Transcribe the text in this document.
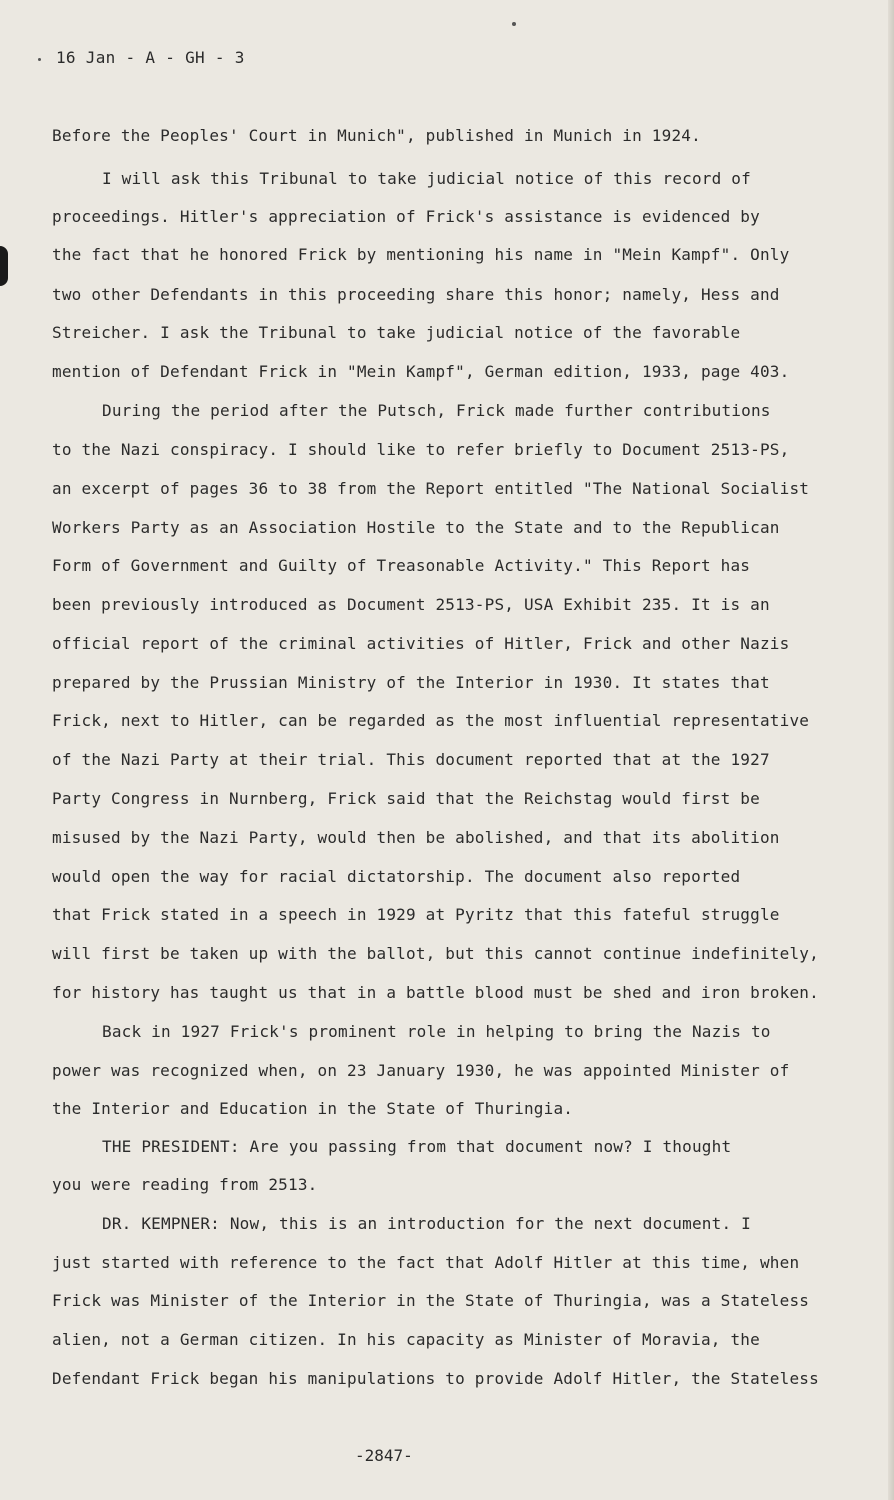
16 Jan - A - GH - 3
Before the Peoples' Court in Munich", published in Munich in 1924.
I will ask this Tribunal to take judicial notice of this record of
proceedings. Hitler's appreciation of Frick's assistance is evidenced by
the fact that he honored Frick by mentioning his name in "Mein Kampf". Only
two other Defendants in this proceeding share this honor; namely, Hess and
Streicher. I ask the Tribunal to take judicial notice of the favorable
mention of Defendant Frick in "Mein Kampf", German edition, 1933, page 403.
During the period after the Putsch, Frick made further contributions
to the Nazi conspiracy. I should like to refer briefly to Document 2513-PS,
an excerpt of pages 36 to 38 from the Report entitled "The National Socialist
Workers Party as an Association Hostile to the State and to the Republican
Form of Government and Guilty of Treasonable Activity." This Report has
been previously introduced as Document 2513-PS, USA Exhibit 235. It is an
official report of the criminal activities of Hitler, Frick and other Nazis
prepared by the Prussian Ministry of the Interior in 1930. It states that
Frick, next to Hitler, can be regarded as the most influential representative
of the Nazi Party at their trial. This document reported that at the 1927
Party Congress in Nurnberg, Frick said that the Reichstag would first be
misused by the Nazi Party, would then be abolished, and that its abolition
would open the way for racial dictatorship. The document also reported
that Frick stated in a speech in 1929 at Pyritz that this fateful struggle
will first be taken up with the ballot, but this cannot continue indefinitely,
for history has taught us that in a battle blood must be shed and iron broken.
Back in 1927 Frick's prominent role in helping to bring the Nazis to
power was recognized when, on 23 January 1930, he was appointed Minister of
the Interior and Education in the State of Thuringia.
THE PRESIDENT: Are you passing from that document now? I thought
you were reading from 2513.
DR. KEMPNER: Now, this is an introduction for the next document. I
just started with reference to the fact that Adolf Hitler at this time, when
Frick was Minister of the Interior in the State of Thuringia, was a Stateless
alien, not a German citizen. In his capacity as Minister of Moravia, the
Defendant Frick began his manipulations to provide Adolf Hitler, the Stateless
-2847-
